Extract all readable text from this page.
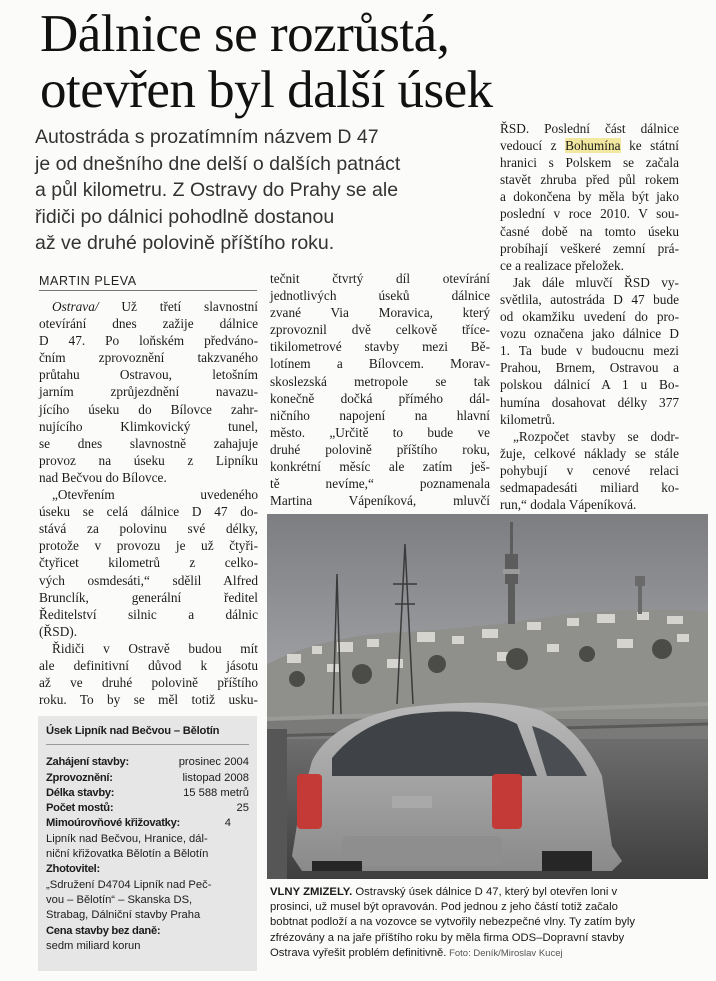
Dálnice se rozrůstá,
otevřen byl další úsek
Autostráda s prozatímním názvem D 47
je od dnešního dne delší o dalších patnáct
a půl kilometru. Z Ostravy do Prahy se ale
řidiči po dálnici pohodlně dostanou
až ve druhé polovině příštího roku.
MARTIN PLEVA

Ostrava/ Už třetí slavnostní
otevírání dnes zažije dálnice
D 47. Po loňském předváno-
čním zprovoznění takzvaného
průtahu Ostravou, letošním
jarním zprůjezdnění navazu-
jícího úseku do Bílovce zahr-
nujícího Klimkovický tunel,
se dnes slavnostně zahajuje
provoz na úseku z Lipníku
nad Bečvou do Bílovce.

„Otevřením uvedeného
úseku se celá dálnice D 47 do-
stává za polovinu své délky,
protože v provozu je už čtyři-
čtyřicet kilometrů z celko-
vých osmdesáti,“ sdělil Alfred
Brunclík, generální ředitel
Ředitelství silnic a dálnic
(ŘSD).

Řidiči v Ostravě budou mít
ale definitivní důvod k jásotu
až ve druhé polovině příštího
roku. To by se měl totiž usku-

tečnit čtvrtý díl otevírání
jednotlivých úseků dálnice
zvané Via Moravica, který
zprovoznil dvě celkově tříce-
tikilometrové stavby mezi Bě-
lotínem a Bílovcem. Morav-
skoslezská metropole se tak
konečně dočká přímého dál-
ničního napojení na hlavní
město. „Určitě to bude ve
druhé polovině příštího roku,
konkrétní měsíc ale zatím ješ-
tě nevíme,“ poznamenala
Martina Vápeníková, mluvčí

ŘSD. Poslední část dálnice
vedoucí z Bohumína ke státní
hranici s Polskem se začala
stavět zhruba před půl rokem
a dokončena by měla být jako
poslední v roce 2010. V sou-
časné době na tomto úseku
probíhají veškeré zemní prá-
ce a realizace přeložek.

Jak dále mluvčí ŘSD vy-
světlila, autostráda D 47 bude
od okamžiku uvedení do pro-
vozu označena jako dálnice D
1. Ta bude v budoucnu mezi
Prahou, Brnem, Ostravou a
polskou dálnicí A 1 u Bo-
humína dosahovat délky 377
kilometrů.

„Rozpočet stavby se dodr-
žuje, celkové náklady se stále
pohybují v cenové relaci
sedmapadesáti miliard ko-
run,“ dodala Vápeníková.

Úsek Lipník nad Bečvou – Bělotín
Zahájení stavby:	prosinec 2004
Zprovoznění:	listopad 2008
Délka stavby:	15 588 metrů
Počet mostů:	25
Mimoúrovňové křižovatky:	4
Lipník nad Bečvou, Hranice, dál-
niční křižovatka Bělotín a Bělotín
Zhotovitel:
„Sdružení D4704 Lipník nad Peč-
vou – Bělotín“ – Skanska DS,
Strabag, Dálniční stavby Praha
Cena stavby bez daně:
sedm miliard korun
VLNY ZMIZELY. Ostravský úsek dálnice D 47, který byl otevřen loni v
prosinci, už musel být opravován. Pod jednou z jeho částí totiž začalo
bobtnat podloží a na vozovce se vytvořily nebezpečné vlny. Ty zatím byly
zfrézovány a na jaře příštího roku by měla firma ODS–Dopravní stavby
Ostrava vyřešit problém definitivně. Foto: Deník/Miroslav Kucej
